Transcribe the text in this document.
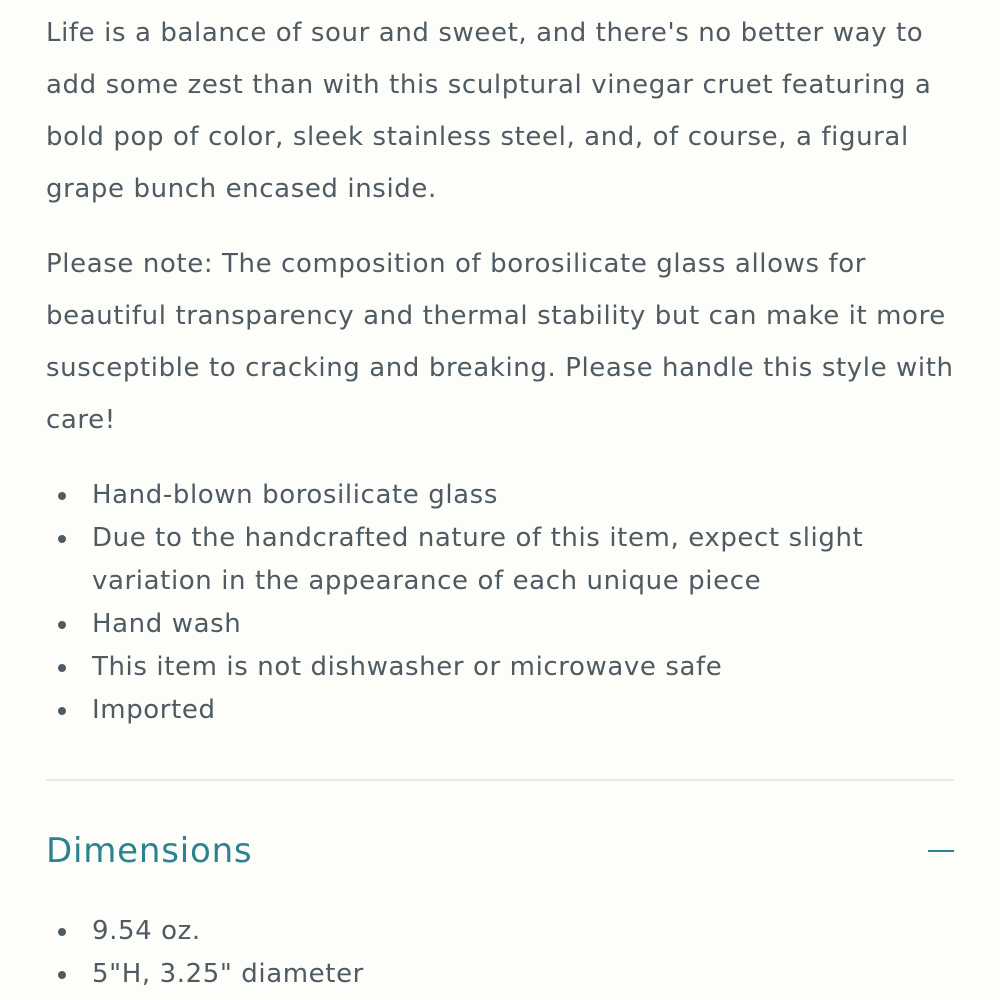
Life is a balance of sour and sweet, and there's no better way to add some zest than with this sculptural vinegar cruet featuring a bold pop of color, sleek stainless steel, and, of course, a figural grape bunch encased inside.

Please note: The composition of borosilicate glass allows for beautiful transparency and thermal stability but can make it more susceptible to cracking and breaking. Please handle this style with care!

Hand-blown borosilicate glass
Due to the handcrafted nature of this item, expect slight variation in the appearance of each unique piece
Hand wash
This item is not dishwasher or microwave safe
Imported
Dimensions
9.54 oz.
5"H, 3.25" diameter
